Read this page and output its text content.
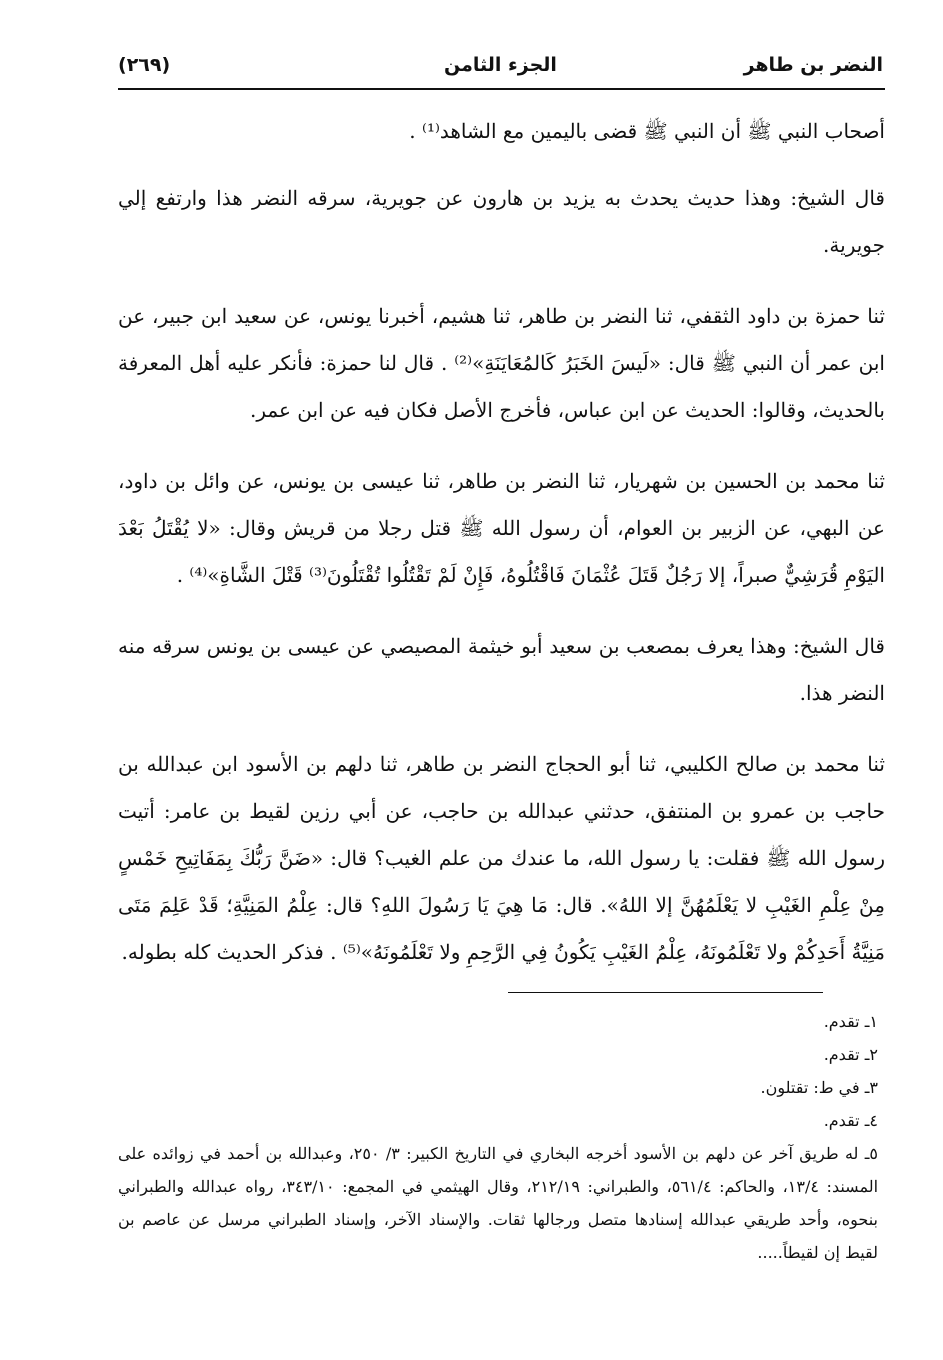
النضر بن طاهر
الجزء الثامن
(٢٦٩)

أصحاب النبي ﷺ أن النبي ﷺ قضى باليمين مع الشاهد⁽¹⁾ .

قال الشيخ: وهذا حديث يحدث به يزيد بن هارون عن جويرية، سرقه النضر هذا وارتفع إلي جويرية.

ثنا حمزة بن داود الثقفي، ثنا النضر بن طاهر، ثنا هشيم، أخبرنا يونس، عن سعيد ابن جبير، عن ابن عمر أن النبي ﷺ قال: «لَيسَ الخَبَرُ كَالمُعَايَنَةِ»⁽²⁾ . قال لنا حمزة: فأنكر عليه أهل المعرفة بالحديث، وقالوا: الحديث عن ابن عباس، فأخرج الأصل فكان فيه عن ابن عمر.

ثنا محمد بن الحسين بن شهريار، ثنا النضر بن طاهر، ثنا عيسى بن يونس، عن وائل بن داود، عن البهي، عن الزبير بن العوام، أن رسول الله ﷺ قتل رجلا من قريش وقال: «لا يُقْتَلُ بَعْدَ اليَوْمِ قُرَشِيٌّ صبراً، إلا رَجُلٌ قَتَلَ عُثْمَانَ فَاقْتُلُوهُ، فَإِنْ لَمْ تَقْتُلُوا تُقْتَلُونَ⁽³⁾ قَتْلَ الشَّاةِ»⁽⁴⁾ .

قال الشيخ: وهذا يعرف بمصعب بن سعيد أبو خيثمة المصيصي عن عيسى بن يونس سرقه منه النضر هذا.

ثنا محمد بن صالح الكليبي، ثنا أبو الحجاج النضر بن طاهر، ثنا دلهم بن الأسود ابن عبدالله بن حاجب بن عمرو بن المنتفق، حدثني عبدالله بن حاجب، عن أبي رزين لقيط بن عامر: أتيت رسول الله ﷺ فقلت: يا رسول الله، ما عندك من علم الغيب؟ قال: «ضَنَّ رَبُّكَ بِمَفَاتِيحِ خَمْسٍ مِنْ عِلْمِ الغَيْبِ لا يَعْلَمُهُنَّ إلا اللهُ». قال: مَا هِيَ يَا رَسُولَ اللهِ؟ قال: عِلْمُ المَنِيَّةِ؛ قَدْ عَلِمَ مَتَى مَنِيَّةُ أَحَدِكُمْ ولا تَعْلَمُونَهُ، عِلْمُ الغَيْبِ يَكُونُ فِي الرَّحِمِ ولا تَعْلَمُونَهُ»⁽⁵⁾ . فذكر الحديث كله بطوله.

١ـ تقدم.

٢ـ تقدم.

٣ـ في ط: تقتلون.

٤ـ تقدم.

٥ـ له طريق آخر عن دلهم بن الأسود أخرجه البخاري في التاريخ الكبير: ٣/ ٢٥٠، وعبدالله بن أحمد في زوائده على المسند: ١٣/٤، والحاكم: ٥٦١/٤، والطبراني: ٢١٢/١٩، وقال الهيثمي في المجمع: ٣٤٣/١٠، رواه عبدالله والطبراني بنحوه، وأحد طريقي عبدالله إسنادها متصل ورجالها ثقات. والإسناد الآخر، وإسناد الطبراني مرسل عن عاصم بن لقيط إن لقيطاً.....
